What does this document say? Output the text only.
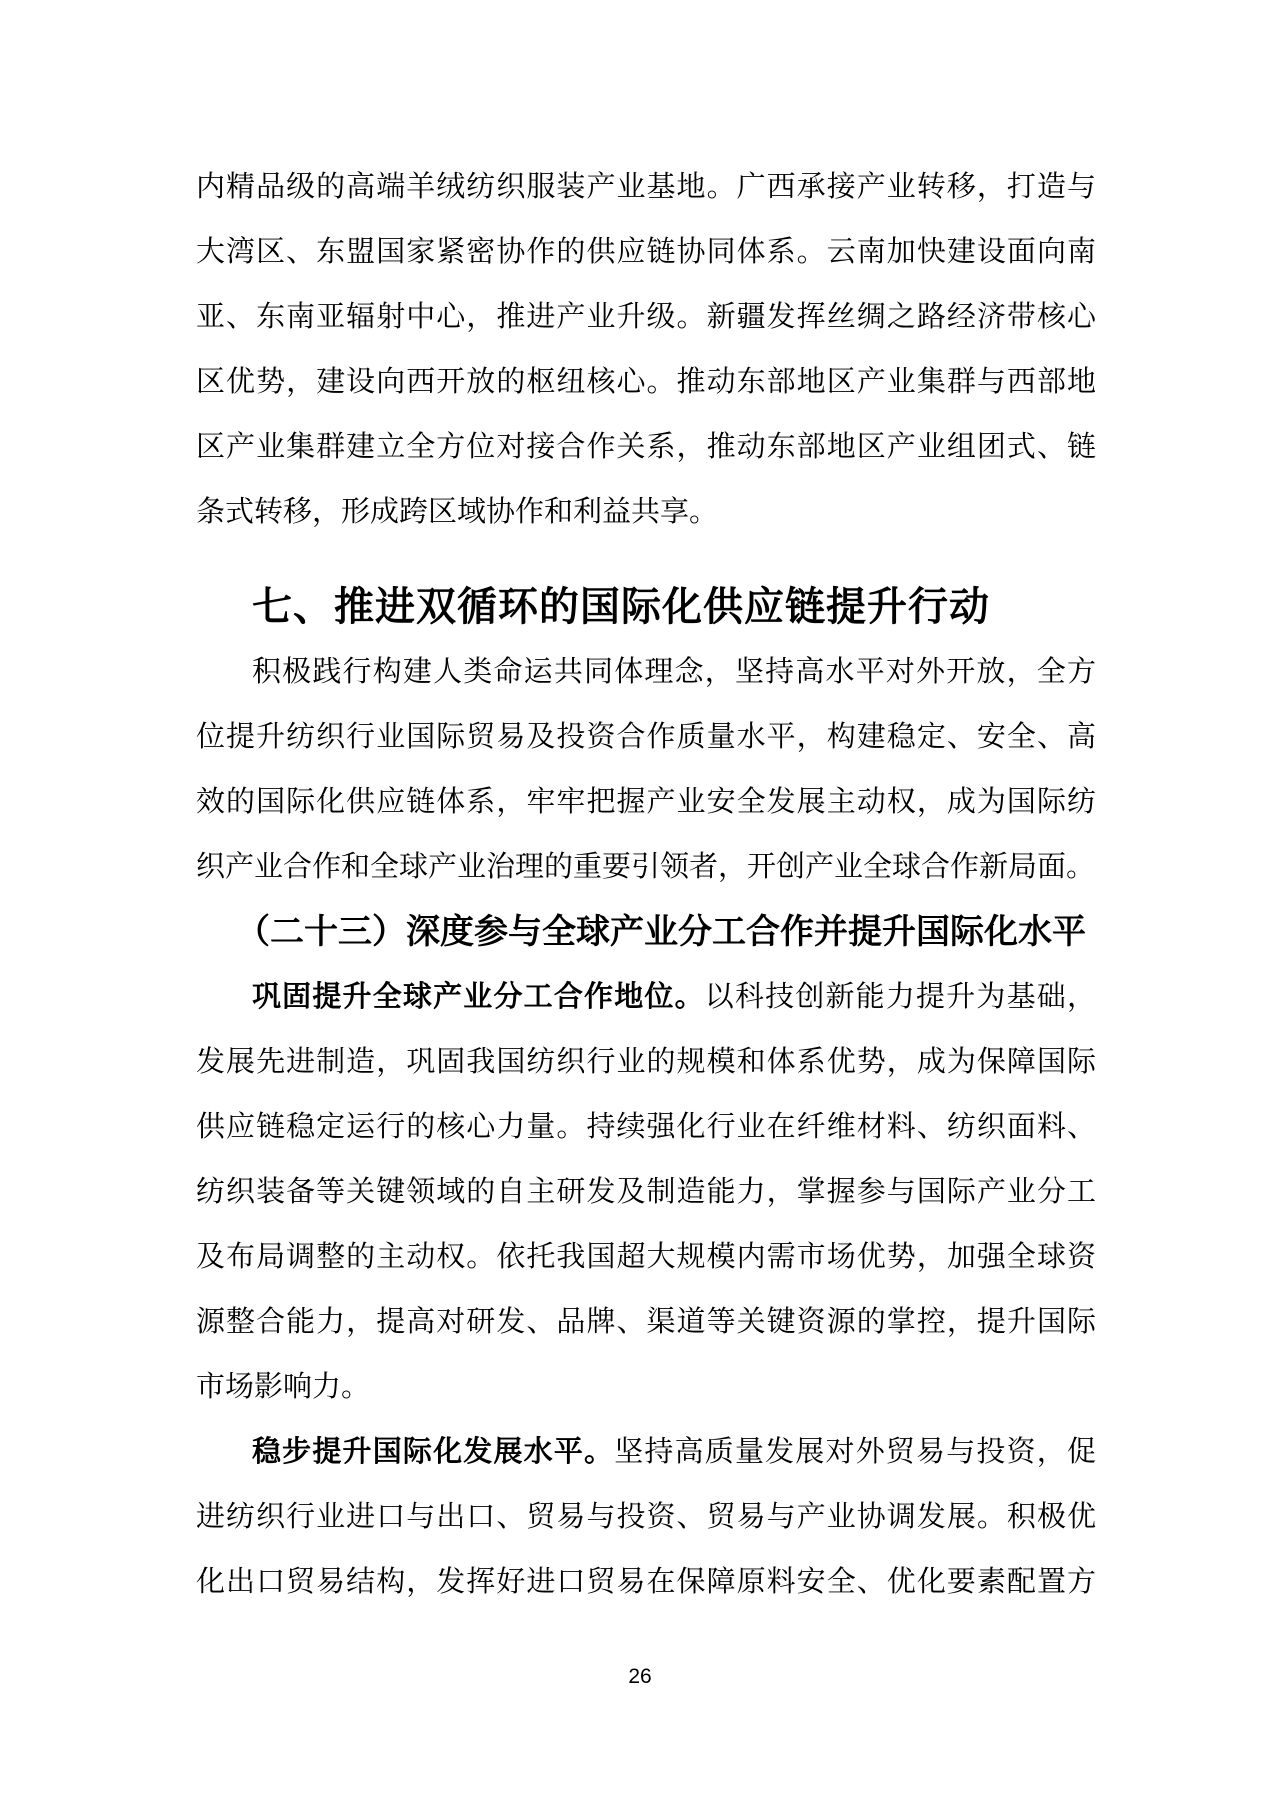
内精品级的高端羊绒纺织服装产业基地。广西承接产业转移，打造与
大湾区、东盟国家紧密协作的供应链协同体系。云南加快建设面向南
亚、东南亚辐射中心，推进产业升级。新疆发挥丝绸之路经济带核心
区优势，建设向西开放的枢纽核心。推动东部地区产业集群与西部地
区产业集群建立全方位对接合作关系，推动东部地区产业组团式、链
条式转移，形成跨区域协作和利益共享。
七、推进双循环的国际化供应链提升行动
积极践行构建人类命运共同体理念，坚持高水平对外开放，全方
位提升纺织行业国际贸易及投资合作质量水平，构建稳定、安全、高
效的国际化供应链体系，牢牢把握产业安全发展主动权，成为国际纺
织产业合作和全球产业治理的重要引领者，开创产业全球合作新局面。
（二十三）深度参与全球产业分工合作并提升国际化水平
巩固提升全球产业分工合作地位。以科技创新能力提升为基础，
发展先进制造，巩固我国纺织行业的规模和体系优势，成为保障国际
供应链稳定运行的核心力量。持续强化行业在纤维材料、纺织面料、
纺织装备等关键领域的自主研发及制造能力，掌握参与国际产业分工
及布局调整的主动权。依托我国超大规模内需市场优势，加强全球资
源整合能力，提高对研发、品牌、渠道等关键资源的掌控，提升国际
市场影响力。
稳步提升国际化发展水平。坚持高质量发展对外贸易与投资，促
进纺织行业进口与出口、贸易与投资、贸易与产业协调发展。积极优
化出口贸易结构，发挥好进口贸易在保障原料安全、优化要素配置方
26
